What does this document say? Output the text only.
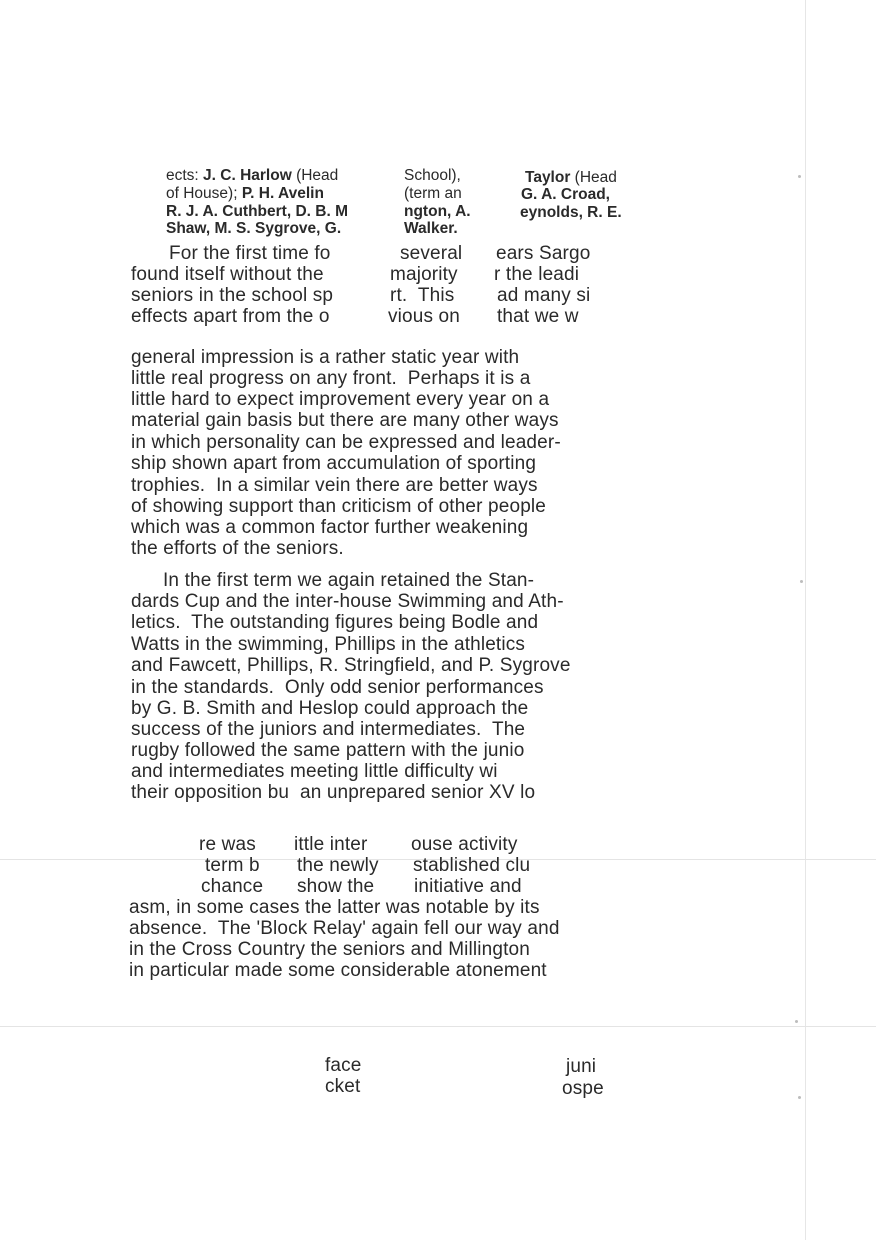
ects: J. C. Harlow (Head
of House); P. H. Avelin
R. J. A. Cuthbert, D. B. M
Shaw, M. S. Sygrove, G.
School),
(term an
ngton, A.
Walker.
Taylor (Head
G. A. Croad,
eynolds, R. E.
For the first time fo	several ears Sargo
found itself without the	majority r the leadi
seniors in the school sp	rt.  This ad many si
effects apart from the o	vious on that we w
general impression is a rather static year with
little real progress on any front.  Perhaps it is a
little hard to expect improvement every year on a
material gain basis but there are many other ways
in which personality can be expressed and leader-
ship shown apart from accumulation of sporting
trophies.  In a similar vein there are better ways
of showing support than criticism of other people
which was a common factor further weakening
the efforts of the seniors.
In the first term we again retained the Stan-
dards Cup and the inter-house Swimming and Ath-
letics.  The outstanding figures being Bodle and
Watts in the swimming, Phillips in the athletics
and Fawcett, Phillips, R. Stringfield, and P. Sygrove
in the standards.  Only odd senior performances
by G. B. Smith and Heslop could approach the
success of the juniors and intermediates.  The
rugby followed the same pattern with the junio
and intermediates meeting little difficulty wi
their opposition bu  an unprepared senior XV lo
re was ittle inter ouse activity
term b the newly stablished clu
chance show the initiative and
asm, in some cases the latter was notable by its
absence.  The 'Block Relay' again fell our way and
in the Cross Country the seniors and Millington
in particular made some considerable atonement
face	juni
cket	ospe
